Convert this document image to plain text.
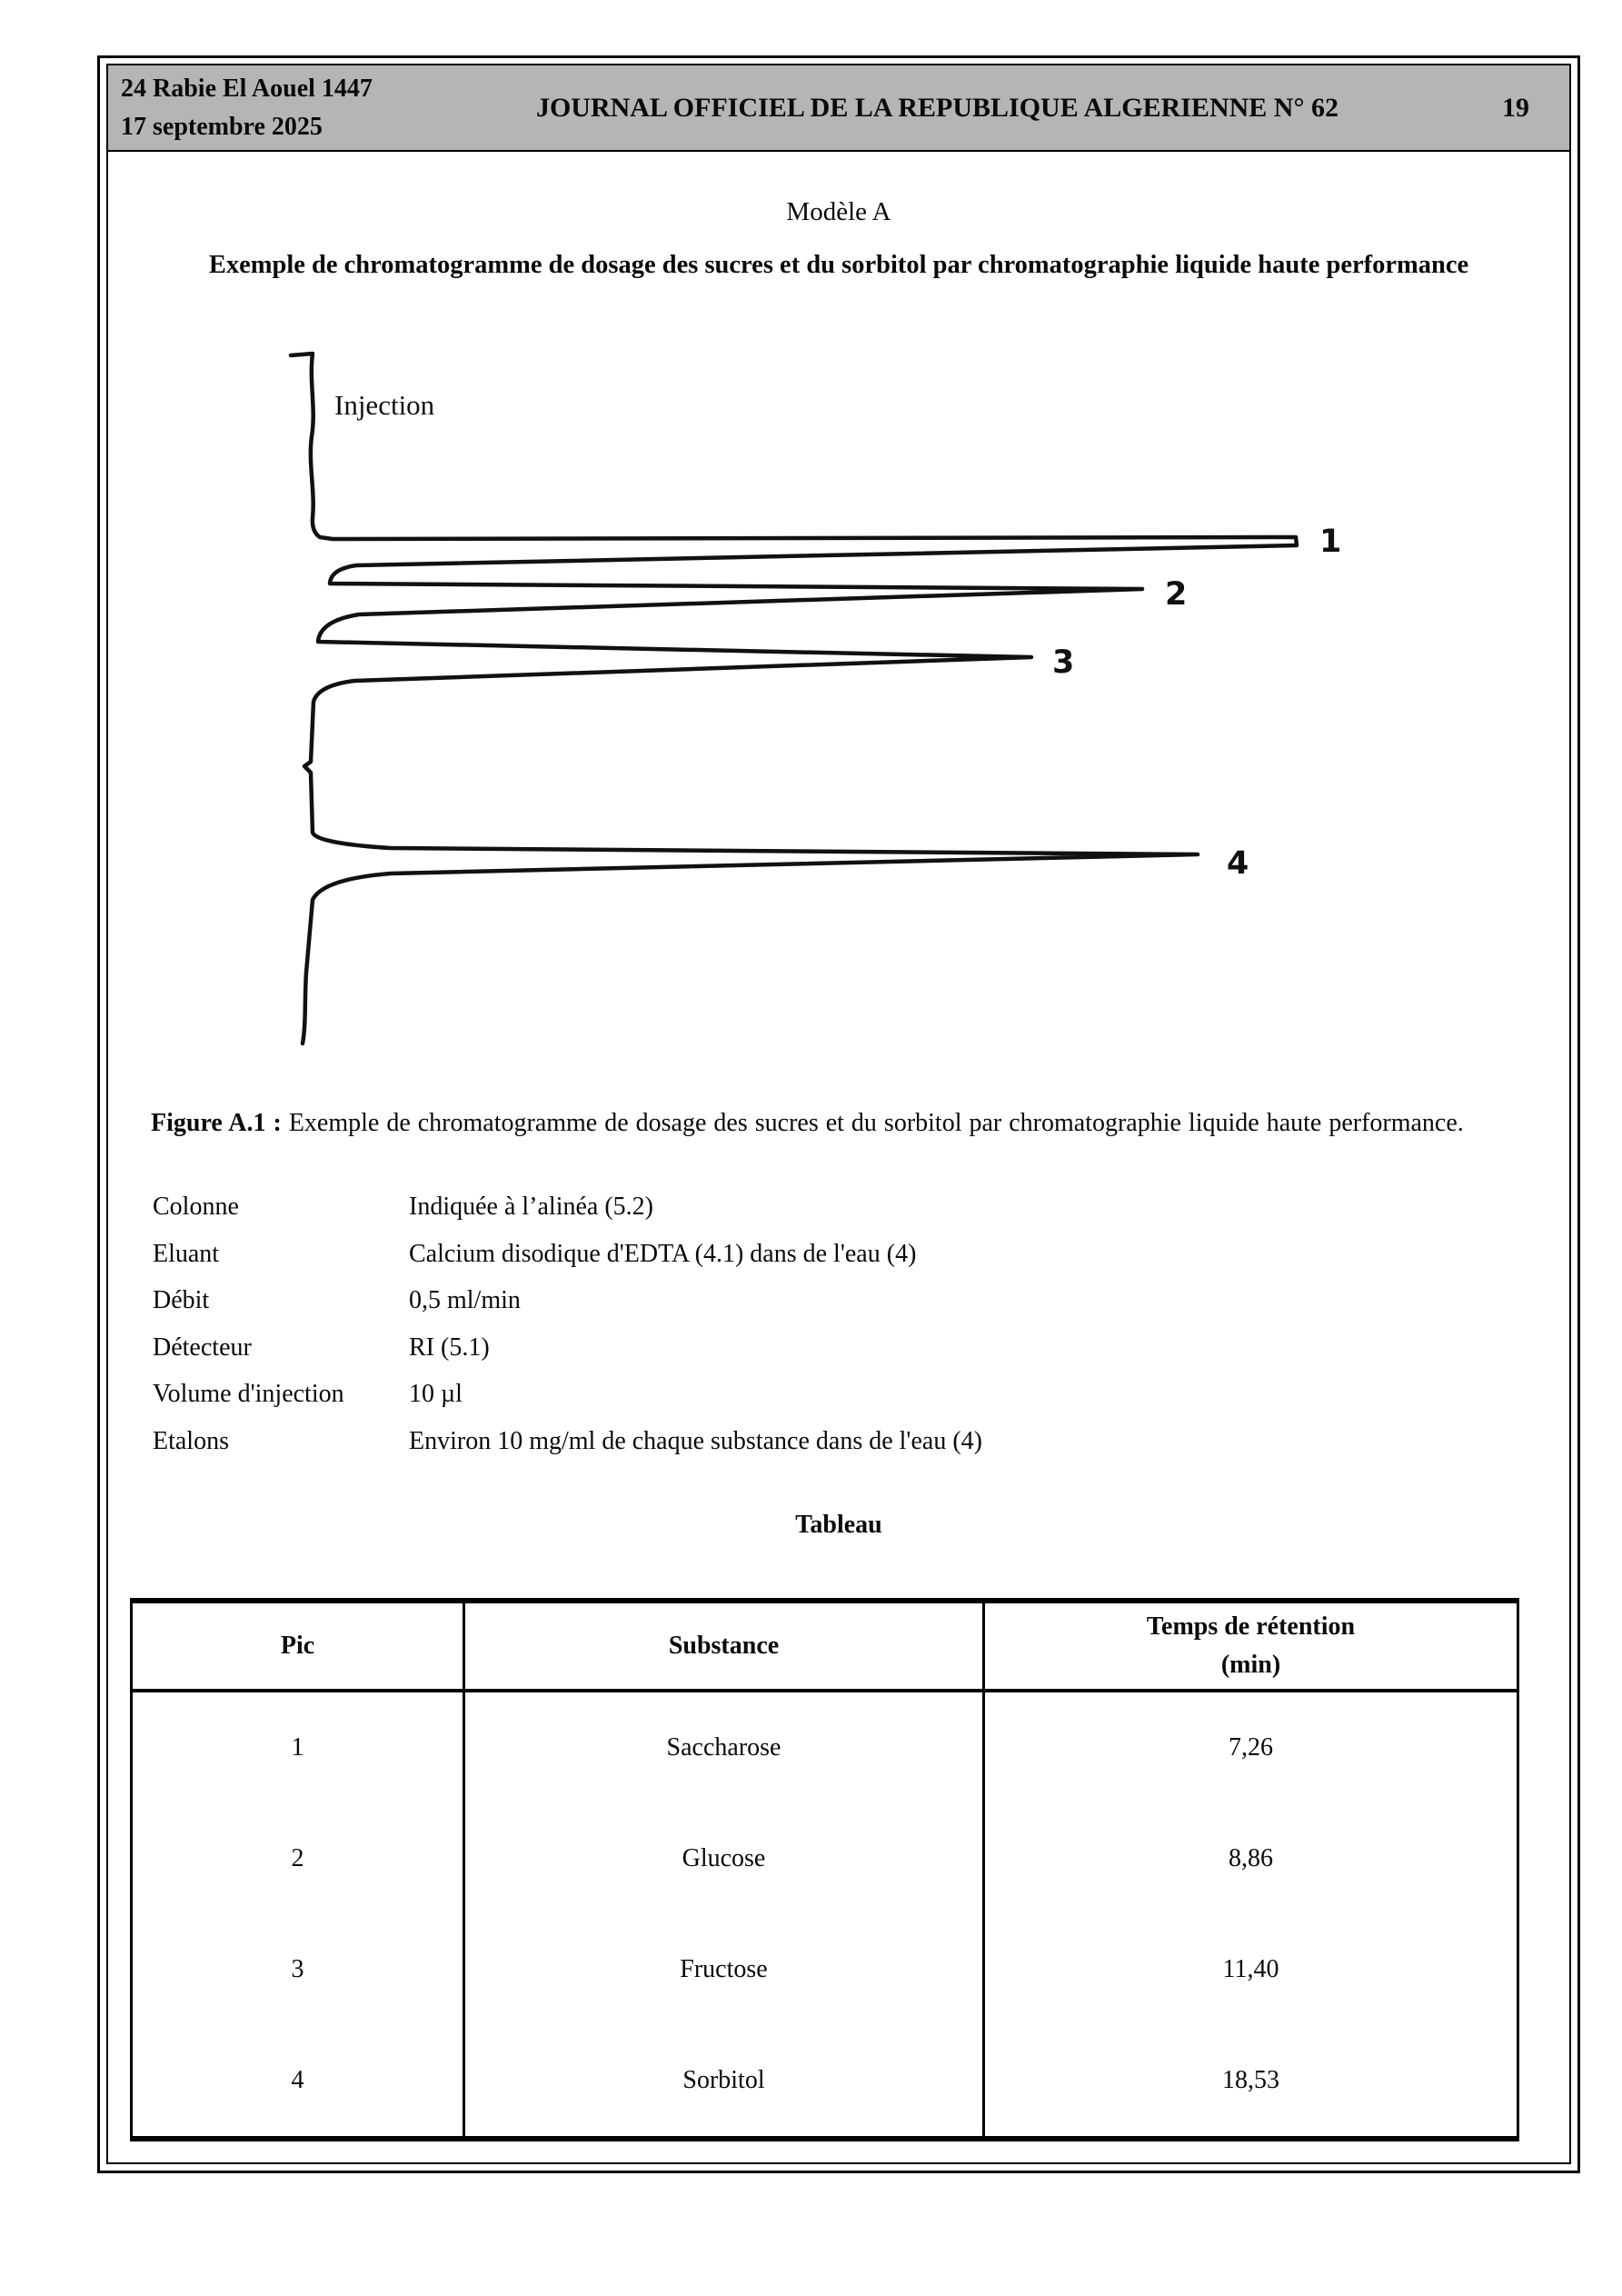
24 Rabie El Aouel 1447
17 septembre 2025
JOURNAL OFFICIEL DE LA REPUBLIQUE ALGERIENNE N° 62	19
Modèle A
Exemple de chromatogramme de dosage des sucres et du sorbitol par chromatographie liquide haute performance
Injection
1
2
3
4

Figure A.1 : Exemple de chromatogramme de dosage des sucres et du sorbitol par chromatographie liquide haute performance.

Colonne	Indiquée à l’alinéa (5.2)
Eluant	Calcium disodique d'EDTA (4.1) dans de l'eau (4)
Débit	0,5 ml/min
Détecteur	RI (5.1)
Volume d'injection	10 µl
Etalons	Environ 10 mg/ml de chaque substance dans de l'eau (4)
Tableau
Pic	Substance	Temps de rétention
(min)

1	Saccharose	7,26
2	Glucose	8,86
3	Fructose	11,40
4	Sorbitol	18,53
